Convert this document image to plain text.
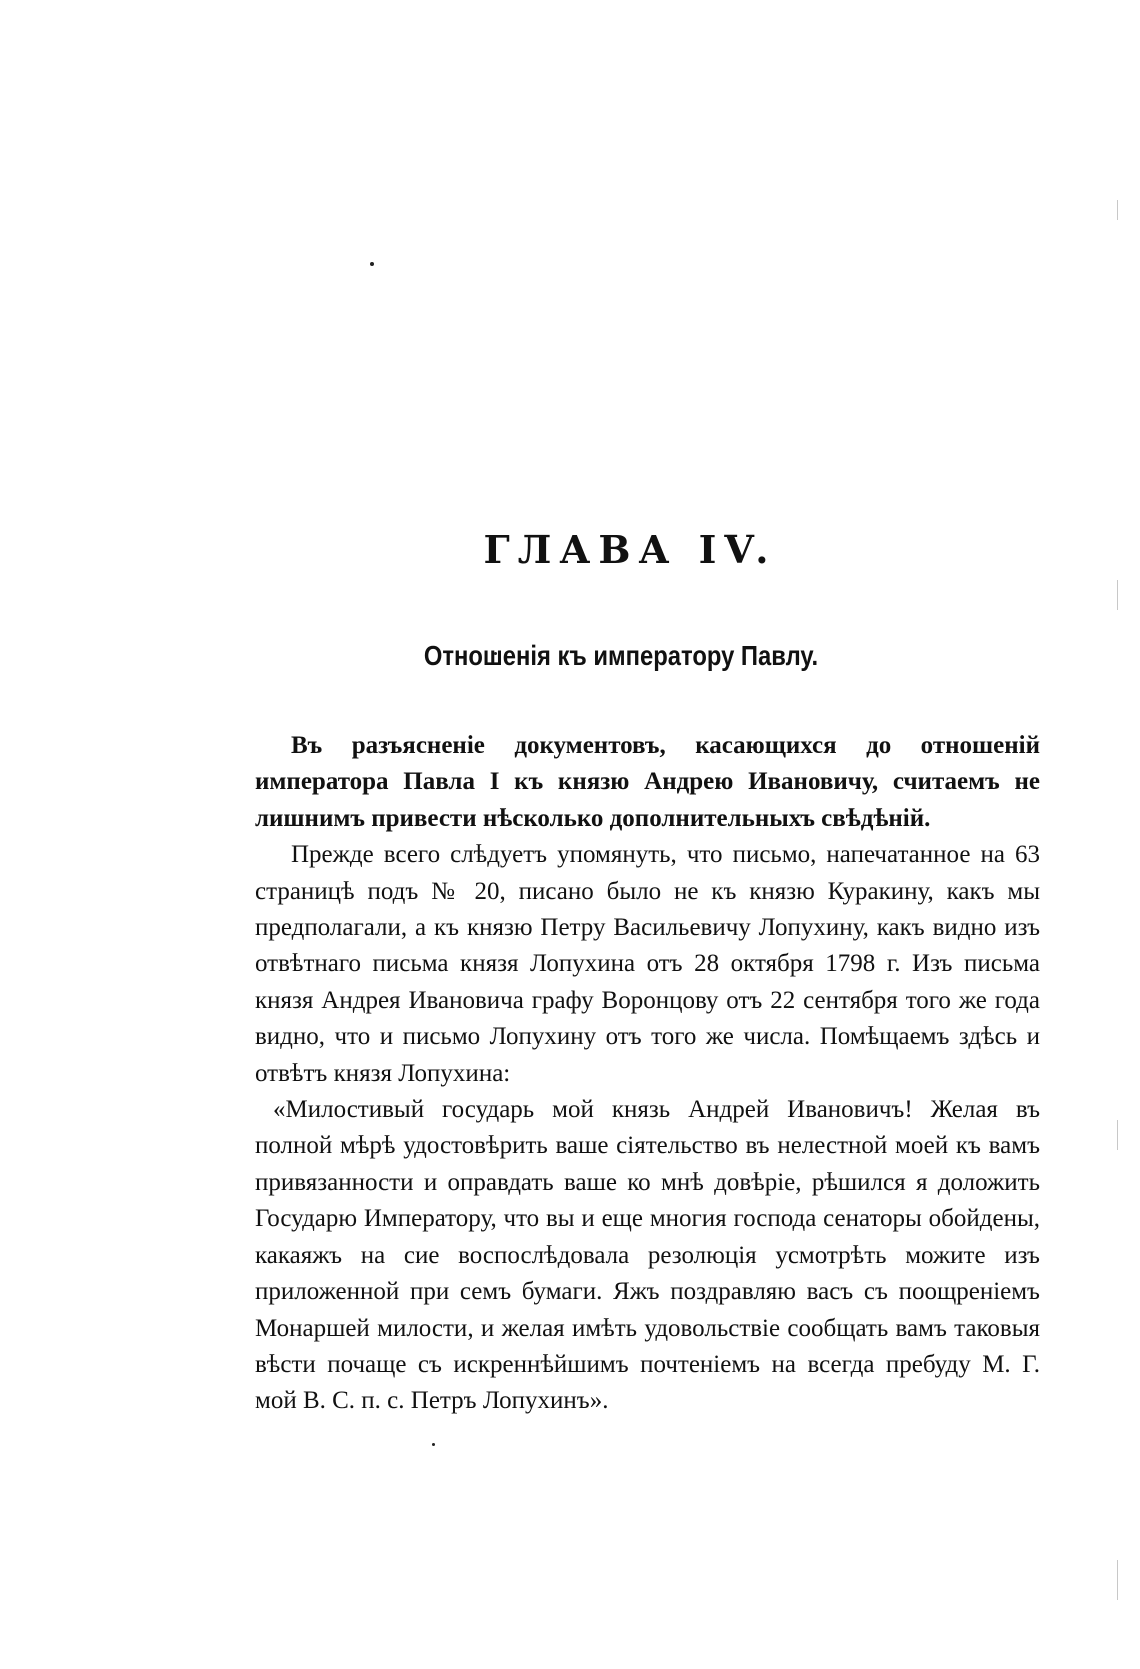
ГЛАВА IV.
Отношенія къ императору Павлу.

Въ разъясненіе документовъ, касающихся до отношеній императора Павла I къ князю Андрею Ивановичу, считаемъ не лишнимъ привести нѣсколько дополнительныхъ свѣдѣній.

Прежде всего слѣдуетъ упомянуть, что письмо, напечатанное на 63 страницѣ подъ № 20, писано было не къ князю Куракину, какъ мы предполагали, а къ князю Петру Васильевичу Лопухину, какъ видно изъ отвѣтнаго письма князя Лопухина отъ 28 октября 1798 г. Изъ письма князя Андрея Ивановича графу Воронцову отъ 22 сентября того же года видно, что и письмо Лопухину отъ того же числа. Помѣщаемъ здѣсь и отвѣтъ князя Лопухина:

«Милостивый государь мой князь Андрей Ивановичъ! Желая въ полной мѣрѣ удостовѣрить ваше сіятельство въ нелестной моей къ вамъ привязанности и оправдать ваше ко мнѣ довѣріе, рѣшился я доложить Государю Императору, что вы и еще многия господа сенаторы обойдены, какаяжъ на сие воспослѣдовала резолюція усмотрѣть можите изъ приложенной при семъ бумаги. Яжъ поздравляю васъ съ поощреніемъ Монаршей милости, и желая имѣть удовольствіе сообщать вамъ таковыя вѣсти почаще съ искреннѣйшимъ почтеніемъ на всегда пребуду М. Г. мой В. С. п. с. Петръ Лопухинъ».
